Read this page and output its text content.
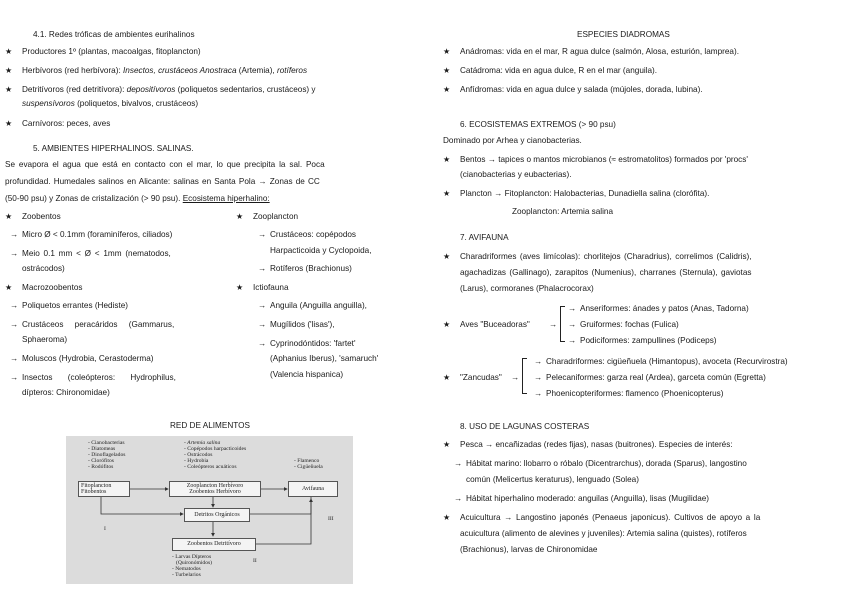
4.1. Redes tróficas de ambientes eurihalinos
★ Productores 1º (plantas, macoalgas, fitoplancton)
★ Herbívoros (red herbívora): Insectos, crustáceos Anostraca (Artemia), rotíferos
★ Detritívoros (red detritívora): depositívoros (poliquetos sedentarios, crustáceos) y
suspensívoros (poliquetos, bivalvos, crustáceos)
★ Carnívoros: peces, aves
5. AMBIENTES HIPERHALINOS. SALINAS.
Se evapora el agua que está en contacto con el mar, lo que precipita la sal. Poca
profundidad. Humedales salinos en Alicante: salinas en Santa Pola → Zonas de CC
(50-90 psu) y Zonas de cristalización (> 90 psu). Ecosistema hiperhalino:
★ Zoobentos
→ Micro Ø < 0.1mm (foraminíferos, ciliados)
→ Meio 0.1 mm < Ø < 1mm (nematodos,
ostrácodos)
★ Macrozoobentos
→ Poliquetos errantes (Hediste)
→ Crustáceos peracáridos (Gammarus,
Sphaeroma)
→ Moluscos (Hydrobia, Cerastoderma)
→ Insectos (coleópteros: Hydrophilus,
dípteros: Chironomidae)
★ Zooplancton
→ Crustáceos: copépodos
Harpacticoida y Cyclopoida,
→ Rotíferos (Brachionus)
★ Ictiofauna
→ Anguila (Anguilla anguilla),
→ Mugílidos ('lisas'),
→ Cyprinodóntidos: 'fartet'
(Aphanius Iberus), 'samaruch'
(Valencia hispanica)
RED DE ALIMENTOS
- Cianobacterias
- Diatomeas
- Dinoflagelados
- Clorófitos
- Rodófitos
- Artemia salina
- Copépodos harpacticoides
- Ostrácodos
- Hydrobia
- Coleópteros acuáticos
- Flamenco
- Cigüeñuela
Fitoplancton
Fitobentos
Zooplancton Herbívoro
Zoobentos Herbívoro	Avifauna
Detritos Orgánicos
Zoobentos Detritívoro
I
II
III
- Larvas Dípteros
(Quironómidos)
- Nematodos
- Turbelarios
ESPECIES DIADROMAS
★ Anádromas: vida en el mar, R agua dulce (salmón, Alosa, esturión, lamprea).
★ Catádroma: vida en agua dulce, R en el mar (anguila).
★ Anfídromas: vida en agua dulce y salada (mújoles, dorada, lubina).
6. ECOSISTEMAS EXTREMOS (> 90 psu)
Dominado por Arhea y cianobacterias.
★ Bentos → tapices o mantos microbianos (≈ estromatolitos) formados por 'procs'
(cianobacterias y eubacterias).
★ Plancton → Fitoplancton: Halobacterias, Dunadiella salina (clorófita).
Zooplancton: Artemia salina
7. AVIFAUNA
★ Charadriformes (aves limícolas): chorlitejos (Charadrius), correlimos (Calidris),
agachadizas (Gallinago), zarapitos (Numenius), charranes (Sternula), gaviotas
(Larus), cormoranes (Phalacrocorax)
★ Aves "Buceadoras" →
→ Anseriformes: ánades y patos (Anas, Tadorna)
→ Gruiformes: fochas (Fulica)
→ Podiciformes: zampullines (Podiceps)
★ "Zancudas" →
→ Charadriformes: cigüeñuela (Himantopus), avoceta (Recurvirostra)
→ Pelecaniformes: garza real (Ardea), garceta común (Egretta)
→ Phoenicopteriformes: flamenco (Phoenicopterus)
8. USO DE LAGUNAS COSTERAS
★ Pesca → encañizadas (redes fijas), nasas (buitrones). Especies de interés:
→ Hábitat marino: llobarro o róbalo (Dicentrarchus), dorada (Sparus), langostino
común (Melicertus keraturus), lenguado (Solea)
→ Hábitat hiperhalino moderado: anguilas (Anguilla), lisas (Mugilidae)
★ Acuicultura → Langostino japonés (Penaeus japonicus). Cultivos de apoyo a la
acuicultura (alimento de alevines y juveniles): Artemia salina (quistes), rotíferos
(Brachionus), larvas de Chironomidae
